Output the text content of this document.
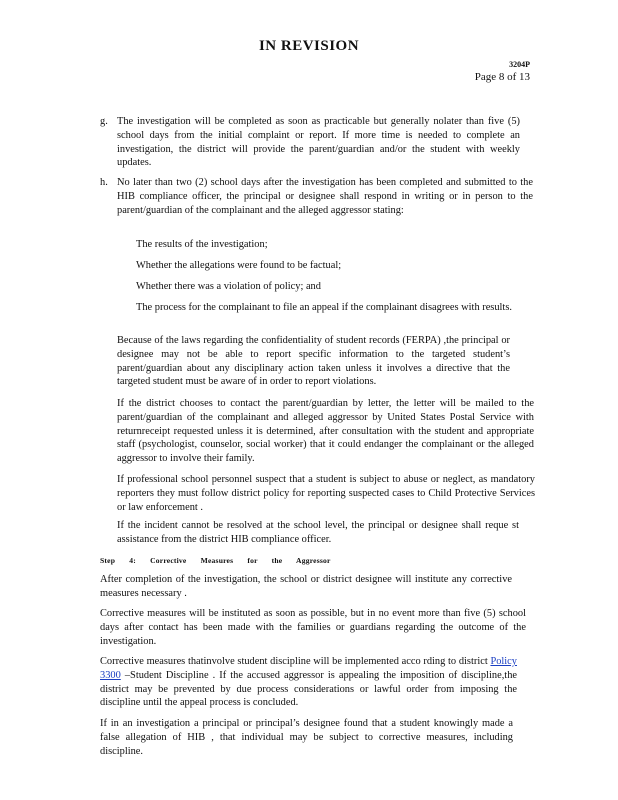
IN REVISION
3204P
Page 8 of 13
g. The investigation will be completed as soon as practicable but generally nolater than five (5) school days from the initial complaint or report. If more time is needed to complete an investigation, the district will provide the parent/guardian and/or the student with weekly updates.

h. No later than two (2) school days after the investigation has been completed and submitted to the HIB compliance officer, the principal or designee shall respond in writing or in person to the parent/guardian of the complainant and the alleged aggressor stating:

The results of the investigation;

Whether the allegations were found to be factual;

Whether there was a violation of policy; and

The process for the complainant to file an appeal if the complainant disagrees with results.

Because of the laws regarding the confidentiality of student records (FERPA) ,the principal or designee may not be able to report specific information to the targeted student’s parent/guardian about any disciplinary action taken unless it involves a directive that the targeted student must be aware of in order to report violations.

If the district chooses to contact the parent/guardian by letter, the letter will be mailed to the parent/guardian of the complainant and alleged aggressor by United States Postal Service with returnreceipt requested unless it is determined, after consultation with the student and appropriate staff (psychologist, counselor, social worker) that it could endanger the complainant or the alleged aggressor to involve their family.

If professional school personnel suspect that a student is subject to abuse or neglect, as mandatory reporters they must follow district policy for reporting suspected cases to Child Protective Services or law enforcement .

If the incident cannot be resolved at the school level, the principal or designee shall reque st assistance from the district HIB compliance officer.

Step 4: Corrective Measures for the Aggressor

After completion of the investigation, the school or district designee will institute any corrective measures necessary .

Corrective measures will be instituted as soon as possible, but in no event more than five (5) school days after contact has been made with the families or guardians regarding the outcome of the investigation.

Corrective measures thatinvolve student discipline will be implemented acco rding to district Policy 3300 –Student Discipline . If the accused aggressor is appealing the imposition of discipline,the district may be prevented by due process considerations or lawful order from imposing the discipline until the appeal process is concluded.

If in an investigation a principal or principal’s designee found that a student knowingly made a false allegation of HIB , that individual may be subject to corrective measures, including discipline.
